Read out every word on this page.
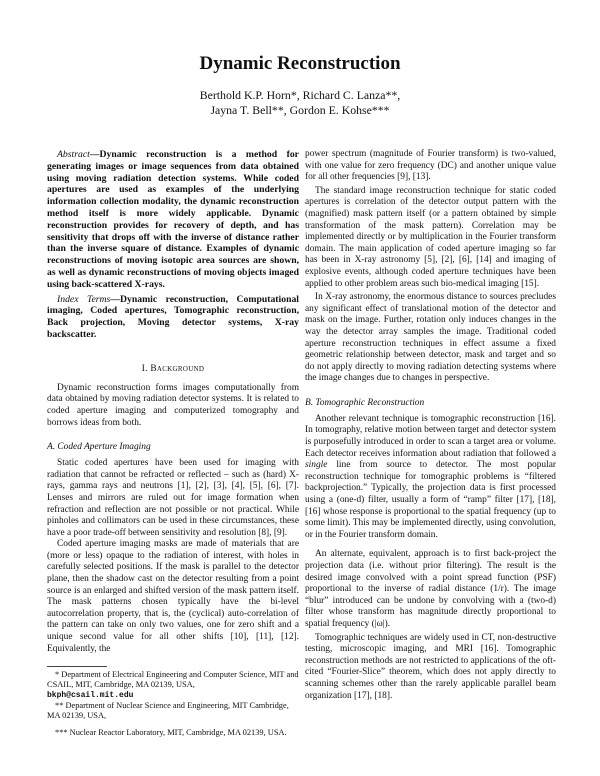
Dynamic Reconstruction
Berthold K.P. Horn*, Richard C. Lanza**,
Jayna T. Bell**, Gordon E. Kohse***

Abstract—Dynamic reconstruction is a method for generating images or image sequences from data obtained using moving radiation detection systems. While coded apertures are used as examples of the underlying information collection modality, the dynamic reconstruction method itself is more widely applicable. Dynamic reconstruction provides for recovery of depth, and has sensitivity that drops off with the inverse of distance rather than the inverse square of distance. Examples of dynamic reconstructions of moving isotopic area sources are shown, as well as dynamic reconstructions of moving objects imaged using back-scattered X-rays.

Index Terms—Dynamic reconstruction, Computational imaging, Coded apertures, Tomographic reconstruction, Back projection, Moving detector systems, X-ray backscatter.

I. Background

Dynamic reconstruction forms images computationally from data obtained by moving radiation detector systems. It is related to coded aperture imaging and computerized tomography and borrows ideas from both.

A. Coded Aperture Imaging

Static coded apertures have been used for imaging with radiation that cannot be refracted or reflected – such as (hard) X-rays, gamma rays and neutrons [1], [2], [3], [4], [5], [6], [7]. Lenses and mirrors are ruled out for image formation when refraction and reflection are not possible or not practical. While pinholes and collimators can be used in these circumstances, these have a poor trade-off between sensitivity and resolution [8], [9].

Coded aperture imaging masks are made of materials that are (more or less) opaque to the radiation of interest, with holes in carefully selected positions. If the mask is parallel to the detector plane, then the shadow cast on the detector resulting from a point source is an enlarged and shifted version of the mask pattern itself. The mask patterns chosen typically have the bi-level autocorrelation property, that is, the (cyclical) auto-correlation of the pattern can take on only two values, one for zero shift and a unique second value for all other shifts [10], [11], [12]. Equivalently, the

power spectrum (magnitude of Fourier transform) is two-valued, with one value for zero frequency (DC) and another unique value for all other frequencies [9], [13].

The standard image reconstruction technique for static coded apertures is correlation of the detector output pattern with the (magnified) mask pattern itself (or a pattern obtained by simple transformation of the mask pattern). Correlation may be implemented directly or by multiplication in the Fourier transform domain. The main application of coded aperture imaging so far has been in X-ray astronomy [5], [2], [6], [14] and imaging of explosive events, although coded aperture techniques have been applied to other problem areas such bio-medical imaging [15].

In X-ray astronomy, the enormous distance to sources precludes any significant effect of translational motion of the detector and mask on the image. Further, rotation only induces changes in the way the detector array samples the image. Traditional coded aperture reconstruction techniques in effect assume a fixed geometric relationship between detector, mask and target and so do not apply directly to moving radiation detecting systems where the image changes due to changes in perspective.

B. Tomographic Reconstruction

Another relevant technique is tomographic reconstruction [16]. In tomography, relative motion between target and detector system is purposefully introduced in order to scan a target area or volume. Each detector receives information about radiation that followed a single line from source to detector. The most popular reconstruction technique for tomographic problems is “filtered backprojection.” Typically, the projection data is first processed using a (one-d) filter, usually a form of “ramp” filter [17], [18], [16] whose response is proportional to the spatial frequency (up to some limit). This may be implemented directly, using convolution, or in the Fourier transform domain.

An alternate, equivalent, approach is to first back-project the projection data (i.e. without prior filtering). The result is the desired image convolved with a point spread function (PSF) proportional to the inverse of radial distance (1/r). The image “blur” introduced can be undone by convolving with a (two-d) filter whose transform has magnitude directly proportional to spatial frequency (|ω|).

Tomographic techniques are widely used in CT, non-destructive testing, microscopic imaging, and MRI [16]. Tomographic reconstruction methods are not restricted to applications of the oft-cited “Fourier-Slice” theorem, which does not apply directly to scanning schemes other than the rarely applicable parallel beam organization [17], [18].

* Department of Electrical Engineering and Computer Science, MIT and CSAIL, MIT, Cambridge, MA 02139, USA,
bkph@csail.mit.edu

** Department of Nuclear Science and Engineering, MIT Cambridge, MA 02139, USA,

*** Nuclear Reactor Laboratory, MIT, Cambridge, MA 02139, USA.
